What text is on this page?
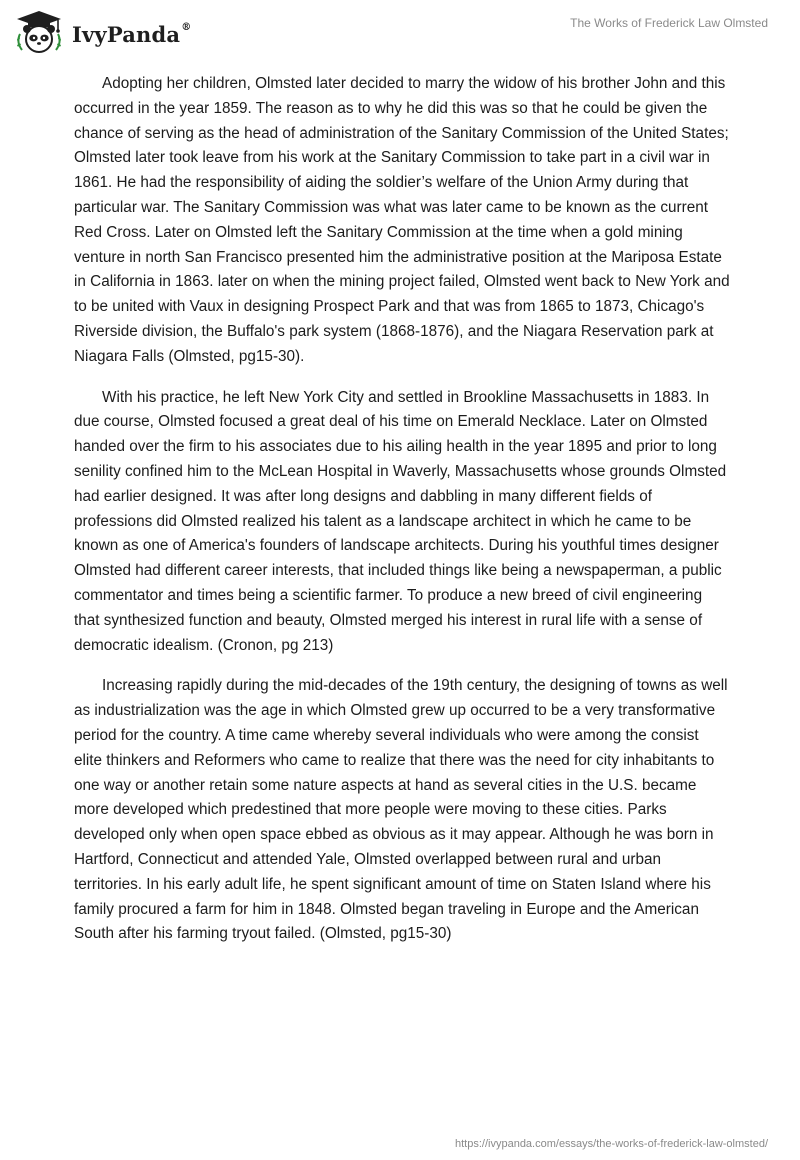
IvyPanda®	The Works of Frederick Law Olmsted

Adopting her children, Olmsted later decided to marry the widow of his brother John and this occurred in the year 1859. The reason as to why he did this was so that he could be given the chance of serving as the head of administration of the Sanitary Commission of the United States; Olmsted later took leave from his work at the Sanitary Commission to take part in a civil war in 1861. He had the responsibility of aiding the soldier’s welfare of the Union Army during that particular war. The Sanitary Commission was what was later came to be known as the current Red Cross. Later on Olmsted left the Sanitary Commission at the time when a gold mining venture in north San Francisco presented him the administrative position at the Mariposa Estate in California in 1863. later on when the mining project failed, Olmsted went back to New York and to be united with Vaux in designing Prospect Park and that was from 1865 to 1873, Chicago's Riverside division, the Buffalo's park system (1868-1876), and the Niagara Reservation park at Niagara Falls (Olmsted, pg15-30).

With his practice, he left New York City and settled in Brookline Massachusetts in 1883. In due course, Olmsted focused a great deal of his time on Emerald Necklace. Later on Olmsted handed over the firm to his associates due to his ailing health in the year 1895 and prior to long senility confined him to the McLean Hospital in Waverly, Massachusetts whose grounds Olmsted had earlier designed. It was after long designs and dabbling in many different fields of professions did Olmsted realized his talent as a landscape architect in which he came to be known as one of America's founders of landscape architects. During his youthful times designer Olmsted had different career interests, that included things like being a newspaperman, a public commentator and times being a scientific farmer. To produce a new breed of civil engineering that synthesized function and beauty, Olmsted merged his interest in rural life with a sense of democratic idealism. (Cronon, pg 213)

Increasing rapidly during the mid-decades of the 19th century, the designing of towns as well as industrialization was the age in which Olmsted grew up occurred to be a very transformative period for the country. A time came whereby several individuals who were among the consist elite thinkers and Reformers who came to realize that there was the need for city inhabitants to one way or another retain some nature aspects at hand as several cities in the U.S. became more developed which predestined that more people were moving to these cities. Parks developed only when open space ebbed as obvious as it may appear. Although he was born in Hartford, Connecticut and attended Yale, Olmsted overlapped between rural and urban territories. In his early adult life, he spent significant amount of time on Staten Island where his family procured a farm for him in 1848. Olmsted began traveling in Europe and the American South after his farming tryout failed. (Olmsted, pg15-30)

https://ivypanda.com/essays/the-works-of-frederick-law-olmsted/
